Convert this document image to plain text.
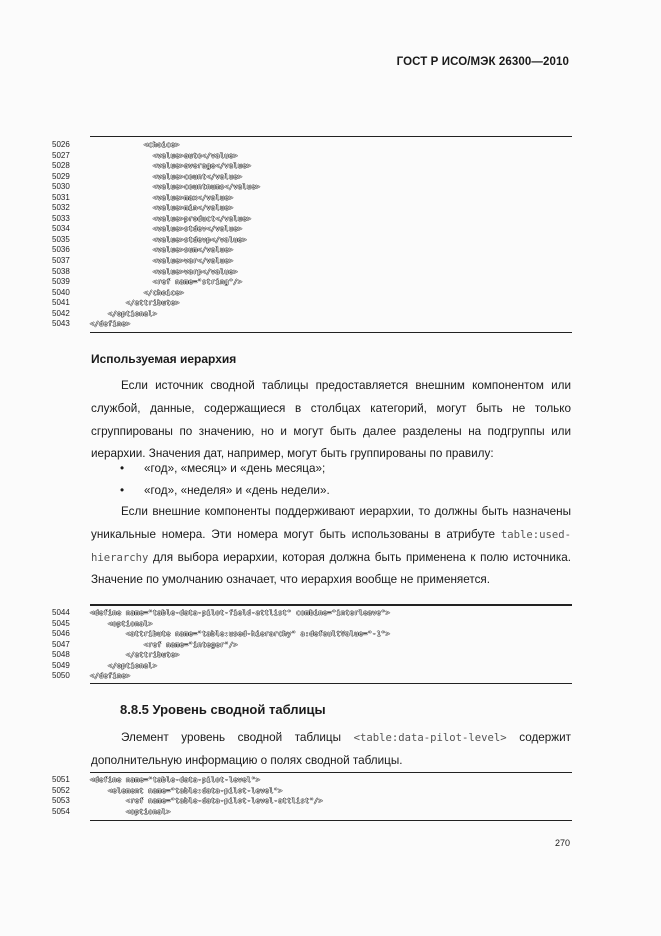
ГОСТ Р ИСО/МЭК 26300—2010
5026	<choice>
5027	<value>auto</value>
5028	<value>average</value>
5029	<value>count</value>
5030	<value>countnums</value>
5031	<value>max</value>
5032	<value>min</value>
5033	<value>product</value>
5034	<value>stdev</value>
5035	<value>stdevp</value>
5036	<value>sum</value>
5037	<value>var</value>
5038	<value>varp</value>
5039	<ref name="string"/>
5040	</choice>
5041	</attribute>
5042	</optional>
5043	</define>
Используемая иерархия
Если источник сводной таблицы предоставляется внешним компонентом или службой, данные, содержащиеся в столбцах категорий, могут быть не только сгруппированы по значению, но и могут быть далее разделены на подгруппы или иерархии. Значения дат, например, могут быть группированы по правилу:
• «год», «месяц» и «день месяца»;
• «год», «неделя» и «день недели».
Если внешние компоненты поддерживают иерархии, то должны быть назначены уникальные номера. Эти номера могут быть использованы в атрибуте table:used-hierarchy для выбора иерархии, которая должна быть применена к полю источника. Значение по умолчанию означает, что иерархия вообще не применяется.
5044	<define name="table-data-pilot-field-attlist" combine="interleave">
5045	<optional>
5046	<attribute name="table:used-hierarchy" a:defaultValue="-1">
5047	<ref name="integer"/>
5048	</attribute>
5049	</optional>
5050	</define>
8.8.5 Уровень сводной таблицы
Элемент уровень сводной таблицы <table:data-pilot-level> содержит дополнительную информацию о полях сводной таблицы.
5051	<define name="table-data-pilot-level">
5052	<element name="table:data-pilot-level">
5053	<ref name="table-data-pilot-level-attlist"/>
5054	<optional>
270
